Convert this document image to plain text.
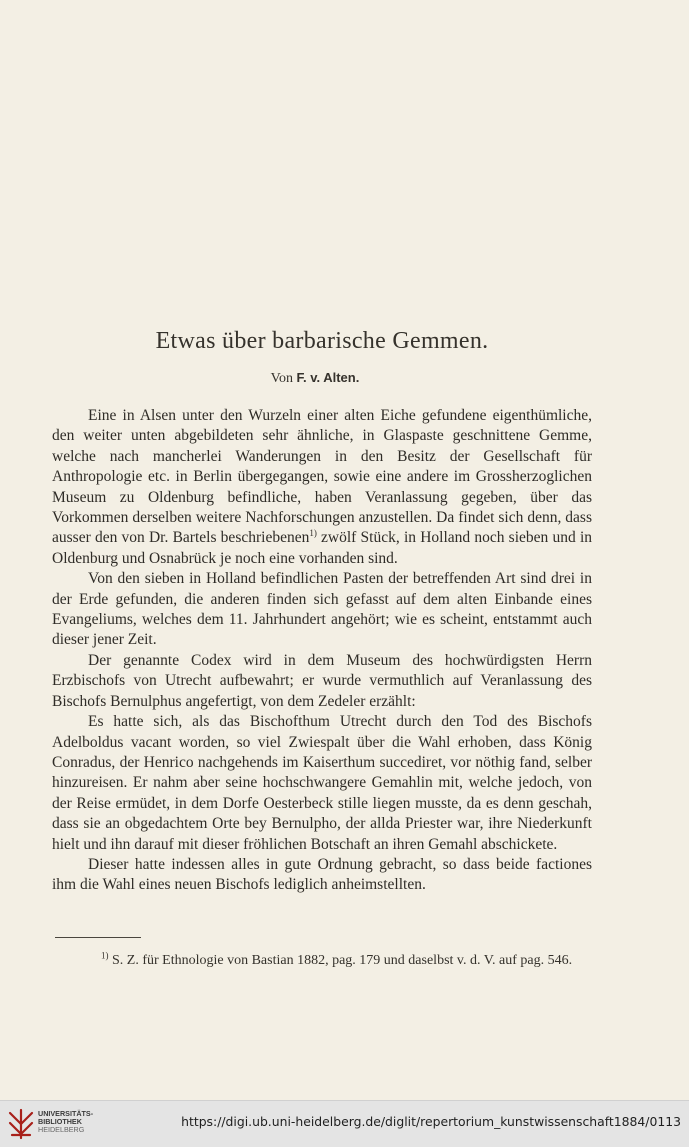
Etwas über barbarische Gemmen.
Von F. v. Alten.

Eine in Alsen unter den Wurzeln einer alten Eiche gefundene eigenthümliche, den weiter unten abgebildeten sehr ähnliche, in Glaspaste geschnittene Gemme, welche nach mancherlei Wanderungen in den Besitz der Gesellschaft für Anthropologie etc. in Berlin übergegangen, sowie eine andere im Grossherzoglichen Museum zu Oldenburg befindliche, haben Veranlassung gegeben, über das Vorkommen derselben weitere Nachforschungen anzustellen. Da findet sich denn, dass ausser den von Dr. Bartels beschriebenen$^{1)}$ zwölf Stück, in Holland noch sieben und in Oldenburg und Osnabrück je noch eine vorhanden sind.

Von den sieben in Holland befindlichen Pasten der betreffenden Art sind drei in der Erde gefunden, die anderen finden sich gefasst auf dem alten Einbande eines Evangeliums, welches dem 11. Jahrhundert angehört; wie es scheint, entstammt auch dieser jener Zeit.

Der genannte Codex wird in dem Museum des hochwürdigsten Herrn Erzbischofs von Utrecht aufbewahrt; er wurde vermuthlich auf Veranlassung des Bischofs Bernulphus angefertigt, von dem Zedeler erzählt:

Es hatte sich, als das Bischofthum Utrecht durch den Tod des Bischofs Adelboldus vacant worden, so viel Zwiespalt über die Wahl erhoben, dass König Conradus, der Henrico nachgehends im Kaiserthum succediret, vor nöthig fand, selber hinzureisen. Er nahm aber seine hochschwangere Gemahlin mit, welche jedoch, von der Reise ermüdet, in dem Dorfe Oesterbeck stille liegen musste, da es denn geschah, dass sie an obgedachtem Orte bey Bernulpho, der allda Priester war, ihre Niederkunft hielt und ihn darauf mit dieser fröhlichen Botschaft an ihren Gemahl abschickete.

Dieser hatte indessen alles in gute Ordnung gebracht, so dass beide factiones ihm die Wahl eines neuen Bischofs lediglich anheimstellten.

$^{1)}$ S. Z. für Ethnologie von Bastian 1882, pag. 179 und daselbst v. d. V. auf pag. 546.

UNIVERSITÄTS-
BIBLIOTHEK
HEIDELBERG
https://digi.ub.uni-heidelberg.de/diglit/repertorium_kunstwissenschaft1884/0113
